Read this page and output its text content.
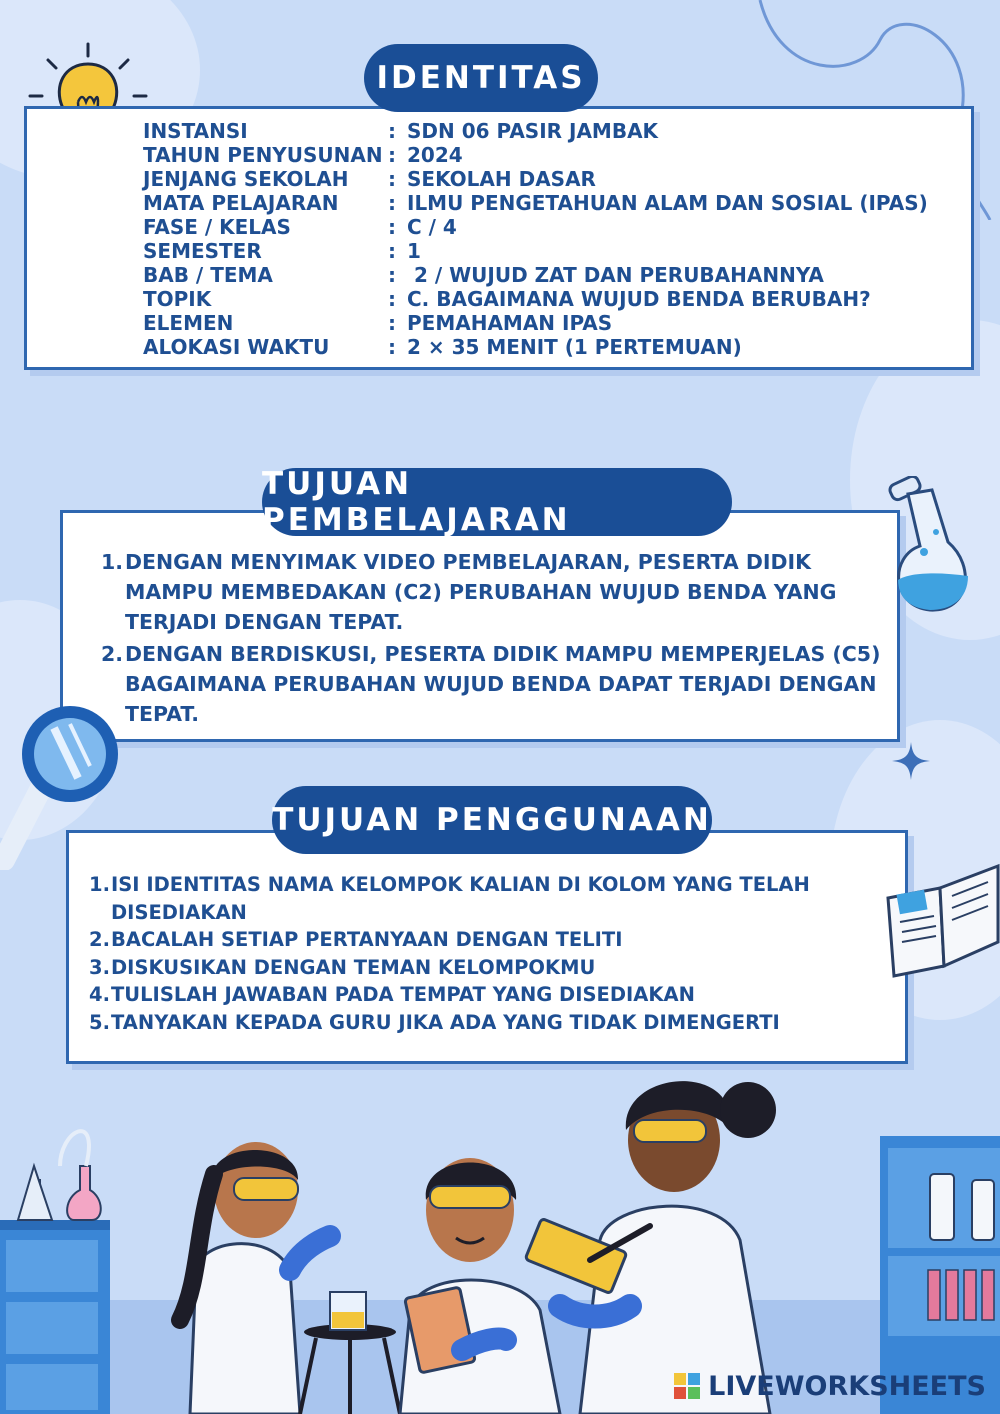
INSTANSI	: SDN 06 PASIR JAMBAK
TAHUN PENYUSUNAN : 2024
JENJANG SEKOLAH	: SEKOLAH DASAR
MATA PELAJARAN	: ILMU PENGETAHUAN ALAM DAN SOSIAL (IPAS)
FASE / KELAS	: C / 4
SEMESTER	: 1
BAB / TEMA	: 2 / WUJUD ZAT DAN PERUBAHANNYA
TOPIK	: C. BAGAIMANA WUJUD BENDA BERUBAH?
ELEMEN	: PEMAHAMAN IPAS
ALOKASI WAKTU	: 2 × 35 MENIT (1 PERTEMUAN)
IDENTITAS
1. DENGAN MENYIMAK VIDEO PEMBELAJARAN, PESERTA DIDIK MAMPU MEMBEDAKAN (C2) PERUBAHAN WUJUD BENDA YANG TERJADI DENGAN TEPAT.
2. DENGAN BERDISKUSI, PESERTA DIDIK MAMPU MEMPERJELAS (C5) BAGAIMANA PERUBAHAN WUJUD BENDA DAPAT TERJADI DENGAN TEPAT.
TUJUAN PEMBELAJARAN
1. ISI IDENTITAS NAMA KELOMPOK KALIAN DI KOLOM YANG TELAH DISEDIAKAN
2. BACALAH SETIAP PERTANYAAN DENGAN TELITI
3. DISKUSIKAN DENGAN TEMAN KELOMPOKMU
4. TULISLAH JAWABAN PADA TEMPAT YANG DISEDIAKAN
5. TANYAKAN KEPADA GURU JIKA ADA YANG TIDAK DIMENGERTI
TUJUAN PENGGUNAAN
LIVEWORKSHEETS
